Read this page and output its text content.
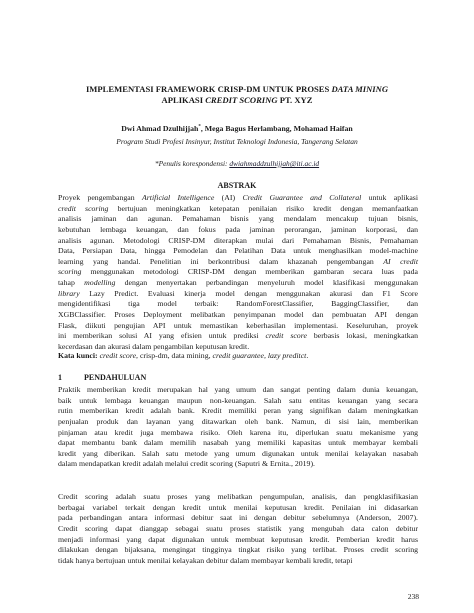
IMPLEMENTASI FRAMEWORK CRISP-DM UNTUK PROSES DATA MINING
APLIKASI CREDIT SCORING PT. XYZ
Dwi Ahmad Dzulhijjah*, Mega Bagus Herlambang, Mohamad Haifan
Program Studi Profesi Insinyur, Institut Teknologi Indonesia, Tangerang Selatan
*Penulis korespondensi: dwiahmaddzulhijjah@iti.ac.id
ABSTRAK
Proyek pengembangan Artificial Intelligence (AI) Credit Guarantee and Collateral untuk aplikasi
credit scoring bertujuan meningkatkan ketepatan penilaian risiko kredit dengan memanfaatkan
analisis jaminan dan agunan. Pemahaman bisnis yang mendalam mencakup tujuan bisnis,
kebutuhan lembaga keuangan, dan fokus pada jaminan perorangan, jaminan korporasi, dan
analisis agunan. Metodologi CRISP-DM diterapkan mulai dari Pemahaman Bisnis, Pemahaman
Data, Persiapan Data, hingga Pemodelan dan Pelatihan Data untuk menghasilkan model-machine
learning yang handal. Penelitian ini berkontribusi dalam khazanah pengembangan AI credit
scoring menggunakan metodologi CRISP-DM dengan memberikan gambaran secara luas pada
tahap modelling dengan menyertakan perbandingan menyeluruh model klasifikasi menggunakan
library Lazy Predict. Evaluasi kinerja model dengan menggunakan akurasi dan F1 Score
mengidentifikasi tiga model terbaik: RandomForestClassifier, BaggingClassifier, dan
XGBClassifier. Proses Deployment melibatkan penyimpanan model dan pembuatan API dengan
Flask, diikuti pengujian API untuk memastikan keberhasilan implementasi. Keseluruhan, proyek
ini memberikan solusi AI yang efisien untuk prediksi credit score berbasis lokasi, meningkatkan
kecerdasan dan akurasi dalam pengambilan keputusan kredit.
Kata kunci: credit score, crisp-dm, data mining, credit guarantee, lazy preditct.
1	PENDAHULUAN
Praktik memberikan kredit merupakan hal yang umum dan sangat penting dalam dunia keuangan,
baik untuk lembaga keuangan maupun non-keuangan. Salah satu entitas keuangan yang secara
rutin memberikan kredit adalah bank. Kredit memiliki peran yang signifikan dalam meningkatkan
penjualan produk dan layanan yang ditawarkan oleh bank. Namun, di sisi lain, memberikan
pinjaman atau kredit juga membawa risiko. Oleh karena itu, diperlukan suatu mekanisme yang
dapat membantu bank dalam memilih nasabah yang memiliki kapasitas untuk membayar kembali
kredit yang diberikan. Salah satu metode yang umum digunakan untuk menilai kelayakan nasabah
dalam mendapatkan kredit adalah melalui credit scoring (Saputri & Ernita., 2019).
Credit scoring adalah suatu proses yang melibatkan pengumpulan, analisis, dan pengklasifikasian
berbagai variabel terkait dengan kredit untuk menilai keputusan kredit. Penilaian ini didasarkan
pada perbandingan antara informasi debitur saat ini dengan debitur sebelumnya (Anderson, 2007).
Credit scoring dapat dianggap sebagai suatu proses statistik yang mengubah data calon debitur
menjadi informasi yang dapat digunakan untuk membuat keputusan kredit. Pemberian kredit harus
dilakukan dengan bijaksana, mengingat tingginya tingkat risiko yang terlibat. Proses credit scoring
tidak hanya bertujuan untuk menilai kelayakan debitur dalam membayar kembali kredit, tetapi
238
